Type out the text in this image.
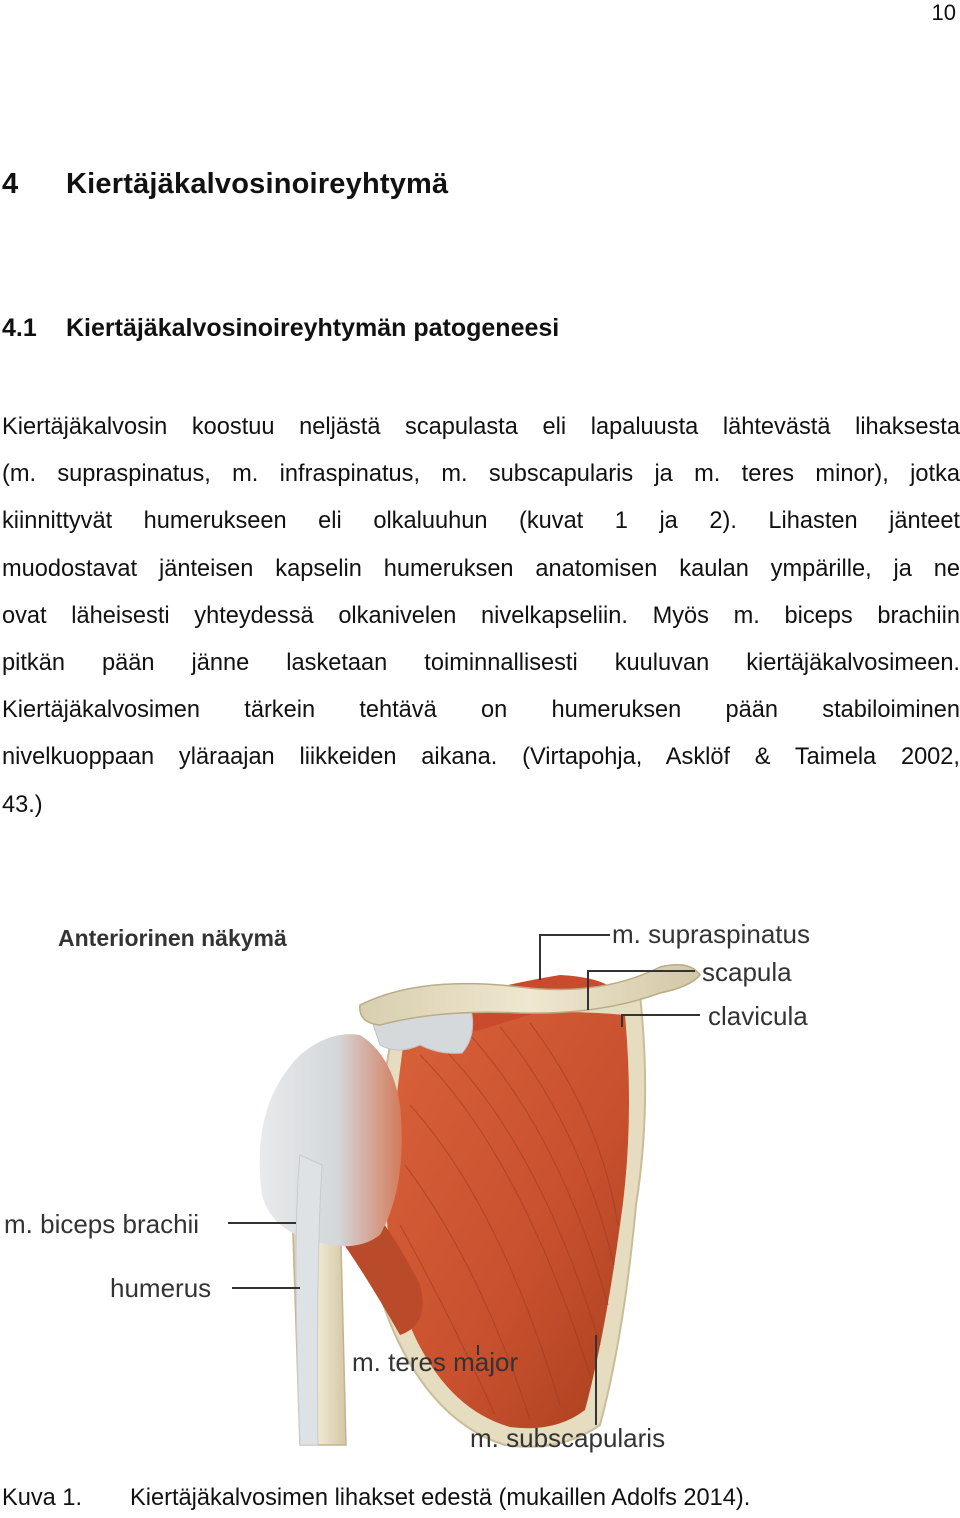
10
4 Kiertäjäkalvosinoireyhtymä
4.1 Kiertäjäkalvosinoireyhtymän patogeneesi

Kiertäjäkalvosin koostuu neljästä scapulasta eli lapaluusta lähtevästä lihaksesta
(m. supraspinatus, m. infraspinatus, m. subscapularis ja m. teres minor), jotka
kiinnittyvät humerukseen eli olkaluuhun (kuvat 1 ja 2). Lihasten jänteet
muodostavat jänteisen kapselin humeruksen anatomisen kaulan ympärille, ja ne
ovat läheisesti yhteydessä olkanivelen nivelkapseliin. Myös m. biceps brachiin
pitkän pään jänne lasketaan toiminnallisesti kuuluvan kiertäjäkalvosimeen.
Kiertäjäkalvosimen tärkein tehtävä on humeruksen pään stabiloiminen
nivelkuoppaan yläraajan liikkeiden aikana. (Virtapohja, Asklöf & Taimela 2002,
43.)

Anteriorinen näkymä	m. supraspinatus
scapula
clavicula
m. biceps brachii
humerus
m. teres major
m. subscapularis
Kuva 1. Kiertäjäkalvosimen lihakset edestä (mukaillen Adolfs 2014).
